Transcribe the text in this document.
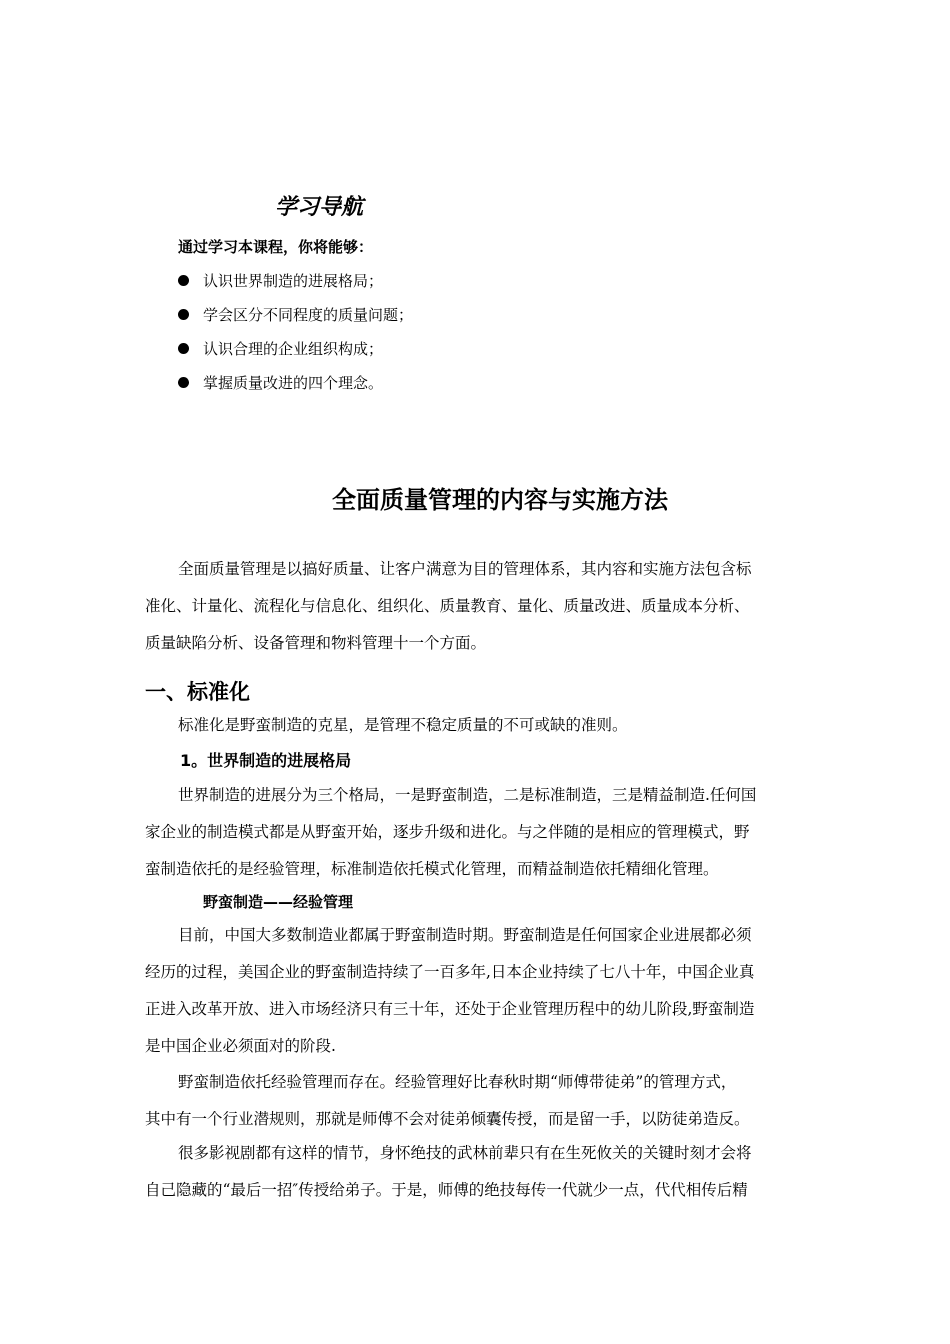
学习导航
通过学习本课程，你将能够：
认识世界制造的进展格局；
学会区分不同程度的质量问题；
认识合理的企业组织构成；
掌握质量改进的四个理念。
全面质量管理的内容与实施方法
全面质量管理是以搞好质量、让客户满意为目的管理体系，其内容和实施方法包含标
准化、计量化、流程化与信息化、组织化、质量教育、量化、质量改进、质量成本分析、
质量缺陷分析、设备管理和物料管理十一个方面。
一、标准化
标准化是野蛮制造的克星，是管理不稳定质量的不可或缺的准则。
1。世界制造的进展格局
世界制造的进展分为三个格局，一是野蛮制造，二是标准制造，三是精益制造.任何国
家企业的制造模式都是从野蛮开始，逐步升级和进化。与之伴随的是相应的管理模式，野
蛮制造依托的是经验管理，标准制造依托模式化管理，而精益制造依托精细化管理。
野蛮制造——经验管理
目前，中国大多数制造业都属于野蛮制造时期。野蛮制造是任何国家企业进展都必须
经历的过程，美国企业的野蛮制造持续了一百多年,日本企业持续了七八十年，中国企业真
正进入改革开放、进入市场经济只有三十年，还处于企业管理历程中的幼儿阶段,野蛮制造
是中国企业必须面对的阶段.
野蛮制造依托经验管理而存在。经验管理好比春秋时期“师傅带徒弟”的管理方式，
其中有一个行业潜规则，那就是师傅不会对徒弟倾囊传授，而是留一手，以防徒弟造反。
很多影视剧都有这样的情节，身怀绝技的武林前辈只有在生死攸关的关键时刻才会将
自己隐藏的“最后一招″传授给弟子。于是，师傅的绝技每传一代就少一点，代代相传后精
